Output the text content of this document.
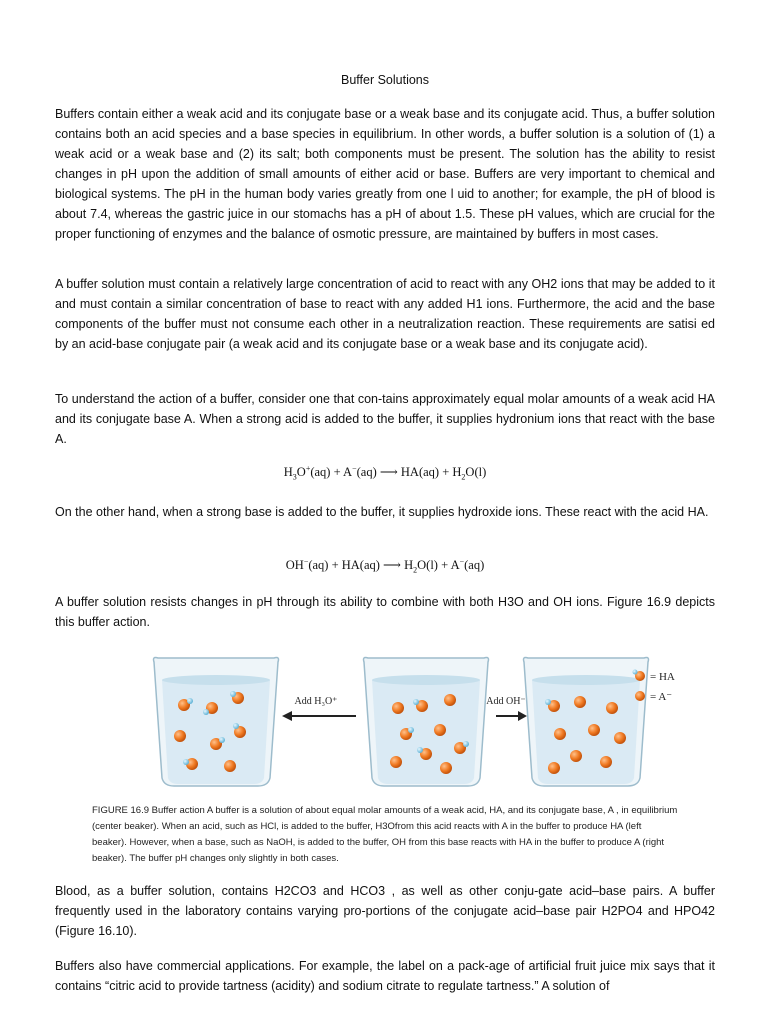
Buffer Solutions

Buffers contain either a weak acid and its conjugate base or a weak base and its conjugate acid. Thus, a buffer solution contains both an acid species and a base species in equilibrium. In other words, a buffer solution is a solution of (1) a weak acid or a weak base and (2) its salt; both components must be present. The solution has the ability to resist changes in pH upon the addition of small amounts of either acid or base. Buffers are very important to chemical and biological systems. The pH in the human body varies greatly from one l uid to another; for example, the pH of blood is about 7.4, whereas the gastric juice in our stomachs has a pH of about 1.5. These pH values, which are crucial for the proper functioning of enzymes and the balance of osmotic pressure, are maintained by buffers in most cases.

A buffer solution must contain a relatively large concentration of acid to react with any OH2 ions that may be added to it and must contain a similar concentration of base to react with any added H1 ions. Furthermore, the acid and the base components of the buffer must not consume each other in a neutralization reaction. These requirements are satisi ed by an acid-base conjugate pair (a weak acid and its conjugate base or a weak base and its conjugate acid).

To understand the action of a buffer, consider one that con-tains approximately equal molar amounts of a weak acid HA and its conjugate base A. When a strong acid is added to the buffer, it supplies hydronium ions that react with the base A.

$H_3O^+(aq) + A^-(aq)$ ⟶ $HA(aq) + H_2O(l)$

On the other hand, when a strong base is added to the buffer, it supplies hydroxide ions. These react with the acid HA.

OH−(aq) + HA(aq) ⟶ $H_2O(l) + A^-(aq)$

A buffer solution resists changes in pH through its ability to combine with both H3O and OH ions. Figure 16.9 depicts this buffer action.

Add H₃O⁺	Add OH⁻
= HA
= A⁻

FIGURE 16.9 Buffer action A buffer is a solution of about equal molar amounts of a weak acid, HA, and its conjugate base, A , in equilibrium (center beaker). When an acid, such as HCl, is added to the buffer, H3Ofrom this acid reacts with A in the buffer to produce HA (left beaker). However, when a base, such as NaOH, is added to the buffer, OH from this base reacts with HA in the buffer to produce A (right beaker). The buffer pH changes only slightly in both cases.

Blood, as a buffer solution, contains H2CO3 and HCO3 , as well as other conju-gate acid–base pairs. A buffer frequently used in the laboratory contains varying pro-portions of the conjugate acid–base pair H2PO4 and HPO42 (Figure 16.10).

Buffers also have commercial applications. For example, the label on a pack-age of artificial fruit juice mix says that it contains “citric acid to provide tartness (acidity) and sodium citrate to regulate tartness.” A solution of
